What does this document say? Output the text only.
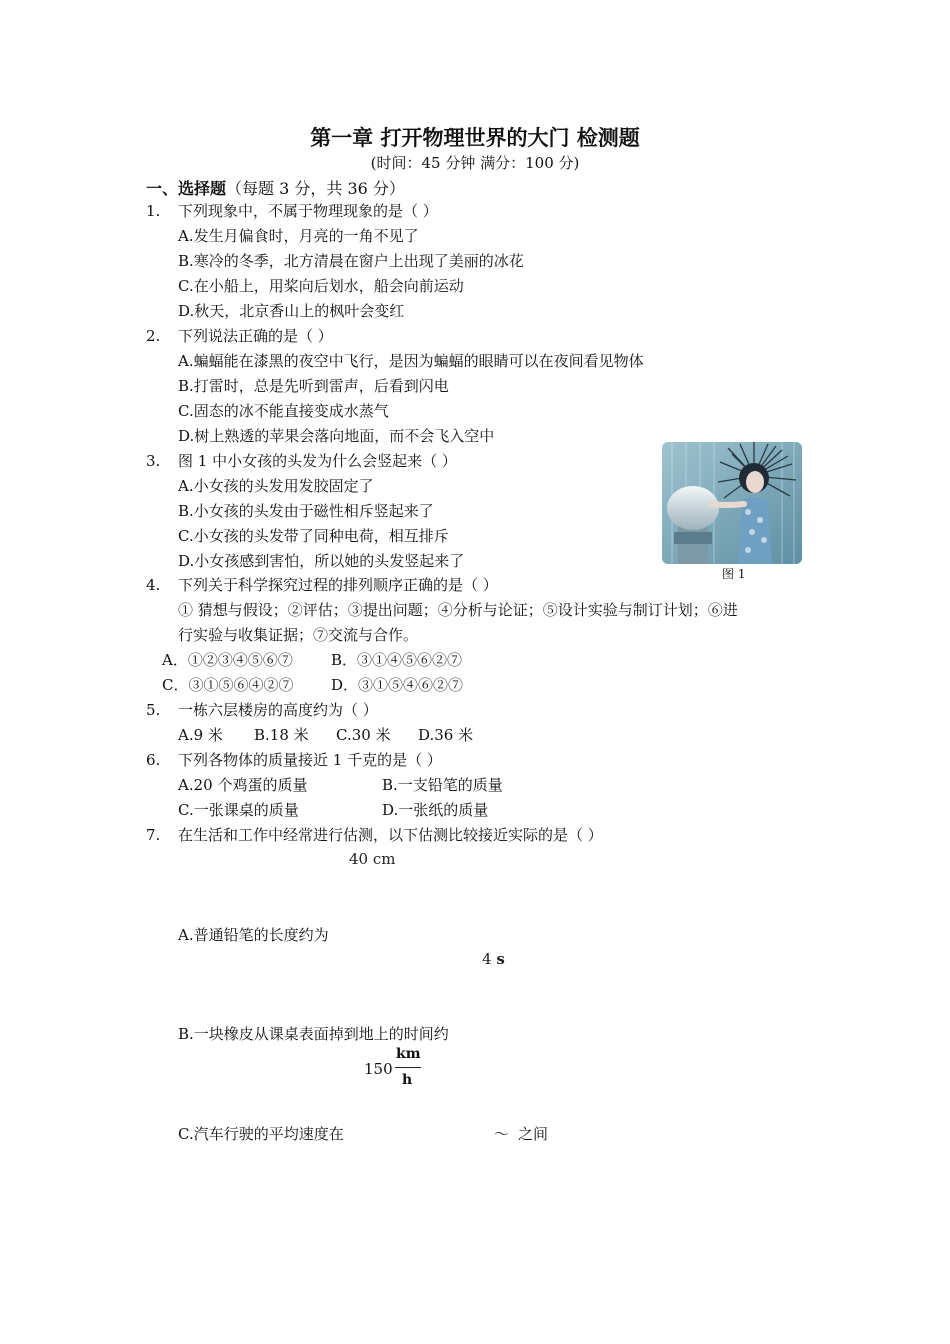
第一章 打开物理世界的大门 检测题
(时间：45 分钟 满分：100 分)
一、选择题（每题 3 分，共 36 分）
1. 下列现象中，不属于物理现象的是（ ）
A.发生月偏食时，月亮的一角不见了
B.寒冷的冬季，北方清晨在窗户上出现了美丽的冰花
C.在小船上，用桨向后划水，船会向前运动
D.秋天，北京香山上的枫叶会变红
2. 下列说法正确的是（ ）
A.蝙蝠能在漆黑的夜空中飞行，是因为蝙蝠的眼睛可以在夜间看见物体
B.打雷时，总是先听到雷声，后看到闪电
C.固态的冰不能直接变成水蒸气
D.树上熟透的苹果会落向地面，而不会飞入空中
3. 图 1 中小女孩的头发为什么会竖起来（ ）
A.小女孩的头发用发胶固定了
B.小女孩的头发由于磁性相斥竖起来了
C.小女孩的头发带了同种电荷，相互排斥
D.小女孩感到害怕，所以她的头发竖起来了
图 1
4. 下列关于科学探究过程的排列顺序正确的是（ ）
① 猜想与假设；②评估；③提出问题；④分析与论证；⑤设计实验与制订计划；⑥进
行实验与收集证据；⑦交流与合作。
A．①②③④⑤⑥⑦	B．③①④⑤⑥②⑦
C．③①⑤⑥④②⑦	D．③①⑤④⑥②⑦
5. 一栋六层楼房的高度约为（ ）
A.9 米 B.18 米 C.30 米 D.36 米
6. 下列各物体的质量接近 1 千克的是（ ）
A.20 个鸡蛋的质量	B.一支铅笔的质量
C.一张课桌的质量	D.一张纸的质量
7. 在生活和工作中经常进行估测，以下估测比较接近实际的是（ ）
40 cm
A.普通铅笔的长度约为
4 s
B.一块橡皮从课桌表面掉到地上的时间约
150
km
h
C.汽车行驶的平均速度在	～ 之间
